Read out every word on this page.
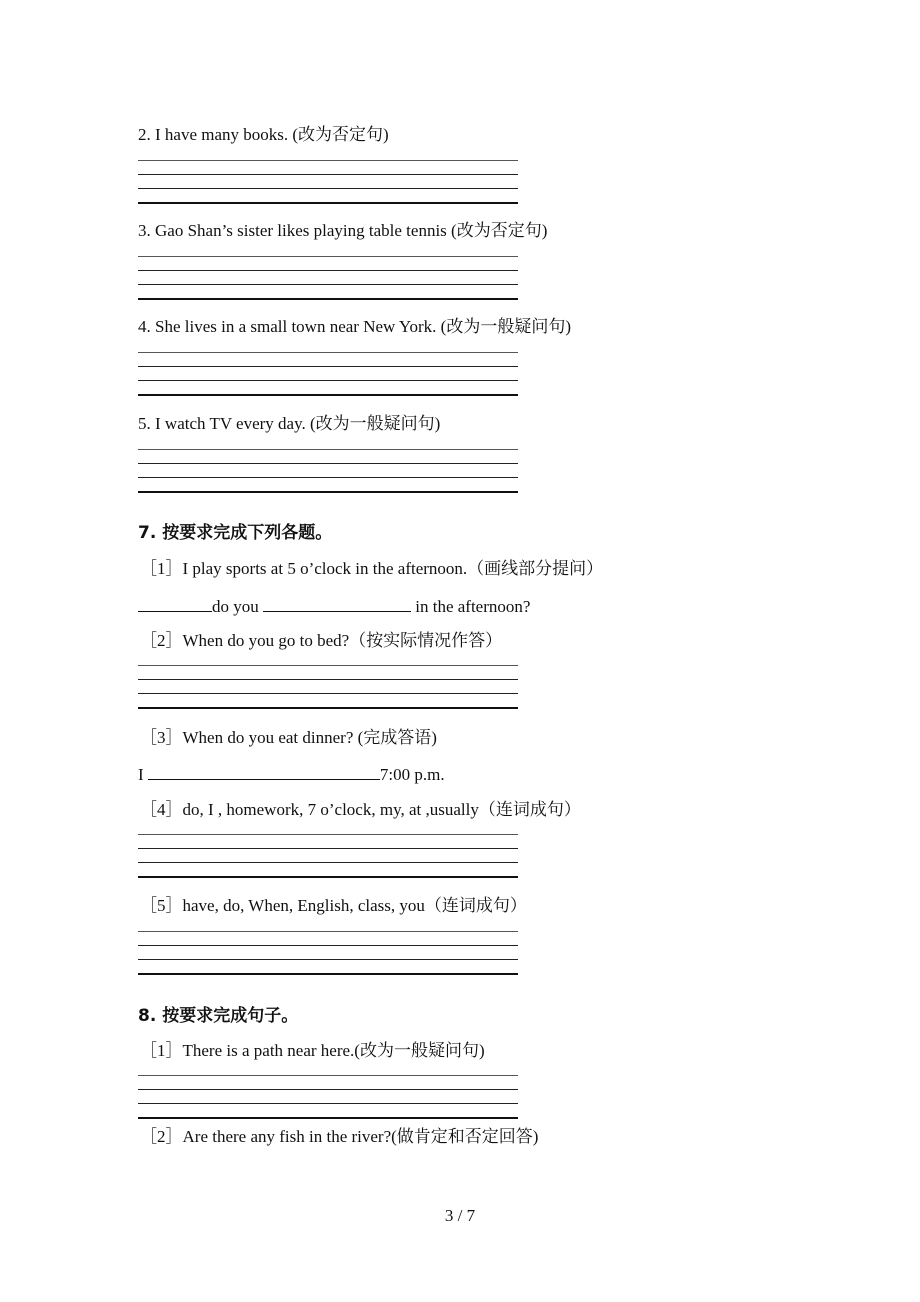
2. I have many books. (改为否定句)
3. Gao Shan’s sister likes playing table tennis (改为否定句)
4. She lives in a small town near New York. (改为一般疑问句)
5. I watch TV every day. (改为一般疑问句)
7. 按要求完成下列各题。
［1］I play sports at 5 o’clock in the afternoon.（画线部分提问）
do you	in the afternoon?
［2］When do you go to bed?（按实际情况作答）
［3］When do you eat dinner? (完成答语)
I	7:00 p.m.
［4］do, I , homework, 7 o’clock, my, at ,usually（连词成句）
［5］have, do, When, English, class, you（连词成句）
8. 按要求完成句子。
［1］There is a path near here.(改为一般疑问句)
［2］Are there any fish in the river?(做肯定和否定回答)
3 / 7
